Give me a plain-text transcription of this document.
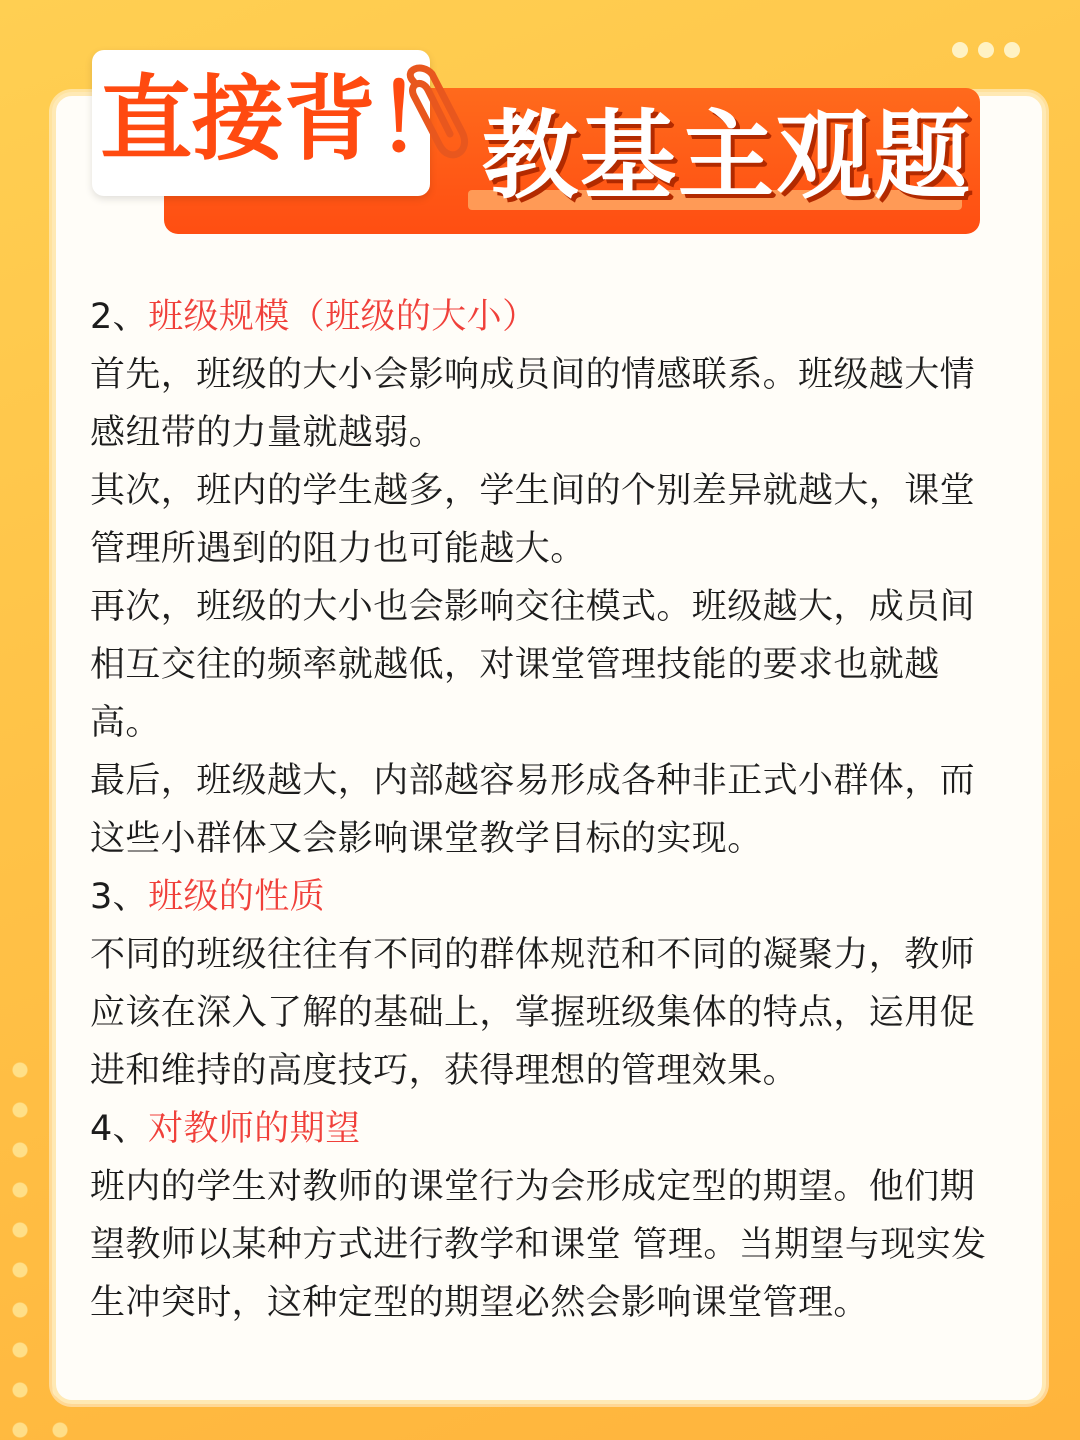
教基主观题
直接背！

2、班级规模（班级的大小）

首先，班级的大小会影响成员间的情感联系。班级越大情感纽带的力量就越弱。

其次，班内的学生越多，学生间的个别差异就越大，课堂管理所遇到的阻力也可能越大。

再次，班级的大小也会影响交往模式。班级越大，成员间相互交往的频率就越低，对课堂管理技能的要求也就越高。

最后，班级越大，内部越容易形成各种非正式小群体，而这些小群体又会影响课堂教学目标的实现。

3、班级的性质

不同的班级往往有不同的群体规范和不同的凝聚力，教师应该在深入了解的基础上，掌握班级集体的特点，运用促进和维持的高度技巧，获得理想的管理效果。

4、对教师的期望

班内的学生对教师的课堂行为会形成定型的期望。他们期望教师以某种方式进行教学和课堂 管理。当期望与现实发生冲突时，这种定型的期望必然会影响课堂管理。
